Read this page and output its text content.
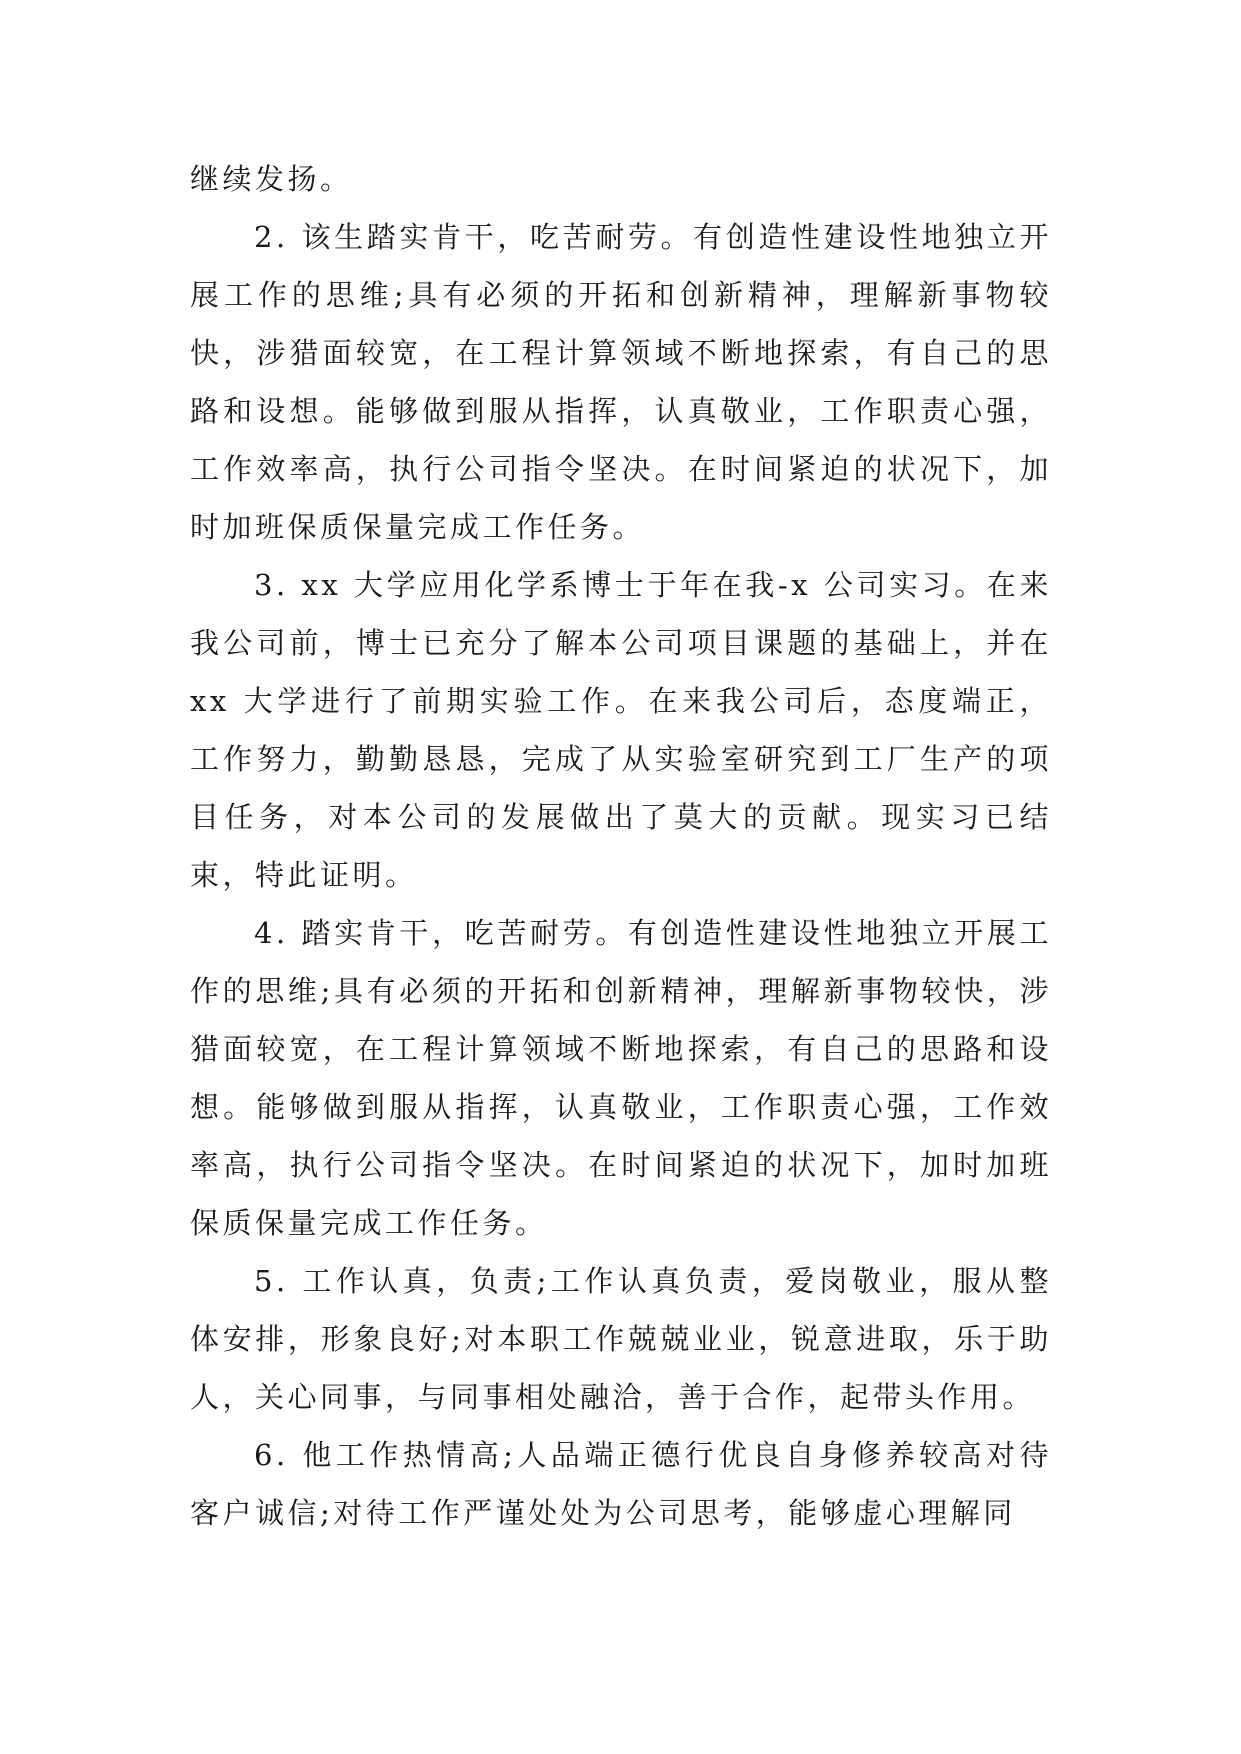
继续发扬。

2. 该生踏实肯干，吃苦耐劳。有创造性建设性地独立开展工作的思维;具有必须的开拓和创新精神，理解新事物较快，涉猎面较宽，在工程计算领域不断地探索，有自己的思路和设想。能够做到服从指挥，认真敬业，工作职责心强，工作效率高，执行公司指令坚决。在时间紧迫的状况下，加时加班保质保量完成工作任务。

3. xx 大学应用化学系博士于年在我-x 公司实习。在来我公司前，博士已充分了解本公司项目课题的基础上，并在 xx 大学进行了前期实验工作。在来我公司后，态度端正，工作努力，勤勤恳恳，完成了从实验室研究到工厂生产的项目任务，对本公司的发展做出了莫大的贡献。现实习已结束，特此证明。

4. 踏实肯干，吃苦耐劳。有创造性建设性地独立开展工作的思维;具有必须的开拓和创新精神，理解新事物较快，涉猎面较宽，在工程计算领域不断地探索，有自己的思路和设想。能够做到服从指挥，认真敬业，工作职责心强，工作效率高，执行公司指令坚决。在时间紧迫的状况下，加时加班保质保量完成工作任务。

5. 工作认真，负责;工作认真负责，爱岗敬业，服从整体安排，形象良好;对本职工作兢兢业业，锐意进取，乐于助人，关心同事，与同事相处融洽，善于合作，起带头作用。

6. 他工作热情高;人品端正德行优良自身修养较高对待客户诚信;对待工作严谨处处为公司思考，能够虚心理解同
